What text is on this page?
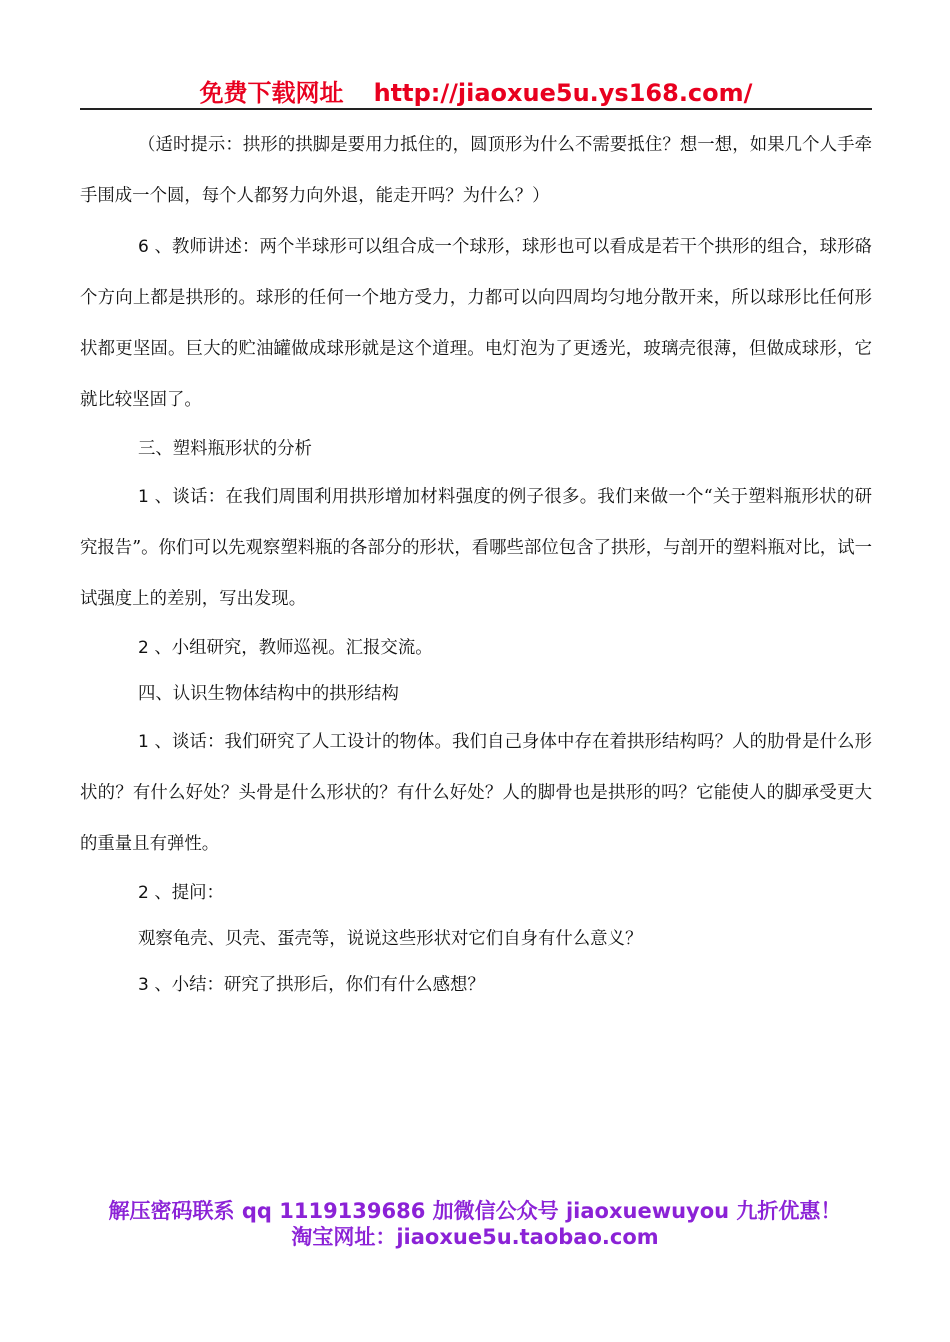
免费下载网址 http://jiaoxue5u.ys168.com/

（适时提示：拱形的拱脚是要用力抵住的，圆顶形为什么不需要抵住？想一想，如果几个人手牵手围成一个圆，每个人都努力向外退，能走开吗？为什么？）

6 、教师讲述：两个半球形可以组合成一个球形，球形也可以看成是若干个拱形的组合，球形硌个方向上都是拱形的。球形的任何一个地方受力，力都可以向四周均匀地分散开来，所以球形比任何形状都更坚固。巨大的贮油罐做成球形就是这个道理。电灯泡为了更透光，玻璃壳很薄，但做成球形，它就比较坚固了。

三、塑料瓶形状的分析

1 、谈话：在我们周围利用拱形增加材料强度的例子很多。我们来做一个“关于塑料瓶形状的研究报告”。你们可以先观察塑料瓶的各部分的形状，看哪些部位包含了拱形，与剖开的塑料瓶对比，试一试强度上的差别，写出发现。

2 、小组研究，教师巡视。汇报交流。

四、认识生物体结构中的拱形结构

1 、谈话：我们研究了人工设计的物体。我们自己身体中存在着拱形结构吗？人的肋骨是什么形状的？有什么好处？头骨是什么形状的？有什么好处？人的脚骨也是拱形的吗？它能使人的脚承受更大的重量且有弹性。

2 、提问：

观察龟壳、贝壳、蛋壳等，说说这些形状对它们自身有什么意义？

3 、小结：研究了拱形后，你们有什么感想？

解压密码联系 qq 1119139686 加微信公众号 jiaoxuewuyou 九折优惠！
淘宝网址：jiaoxue5u.taobao.com
